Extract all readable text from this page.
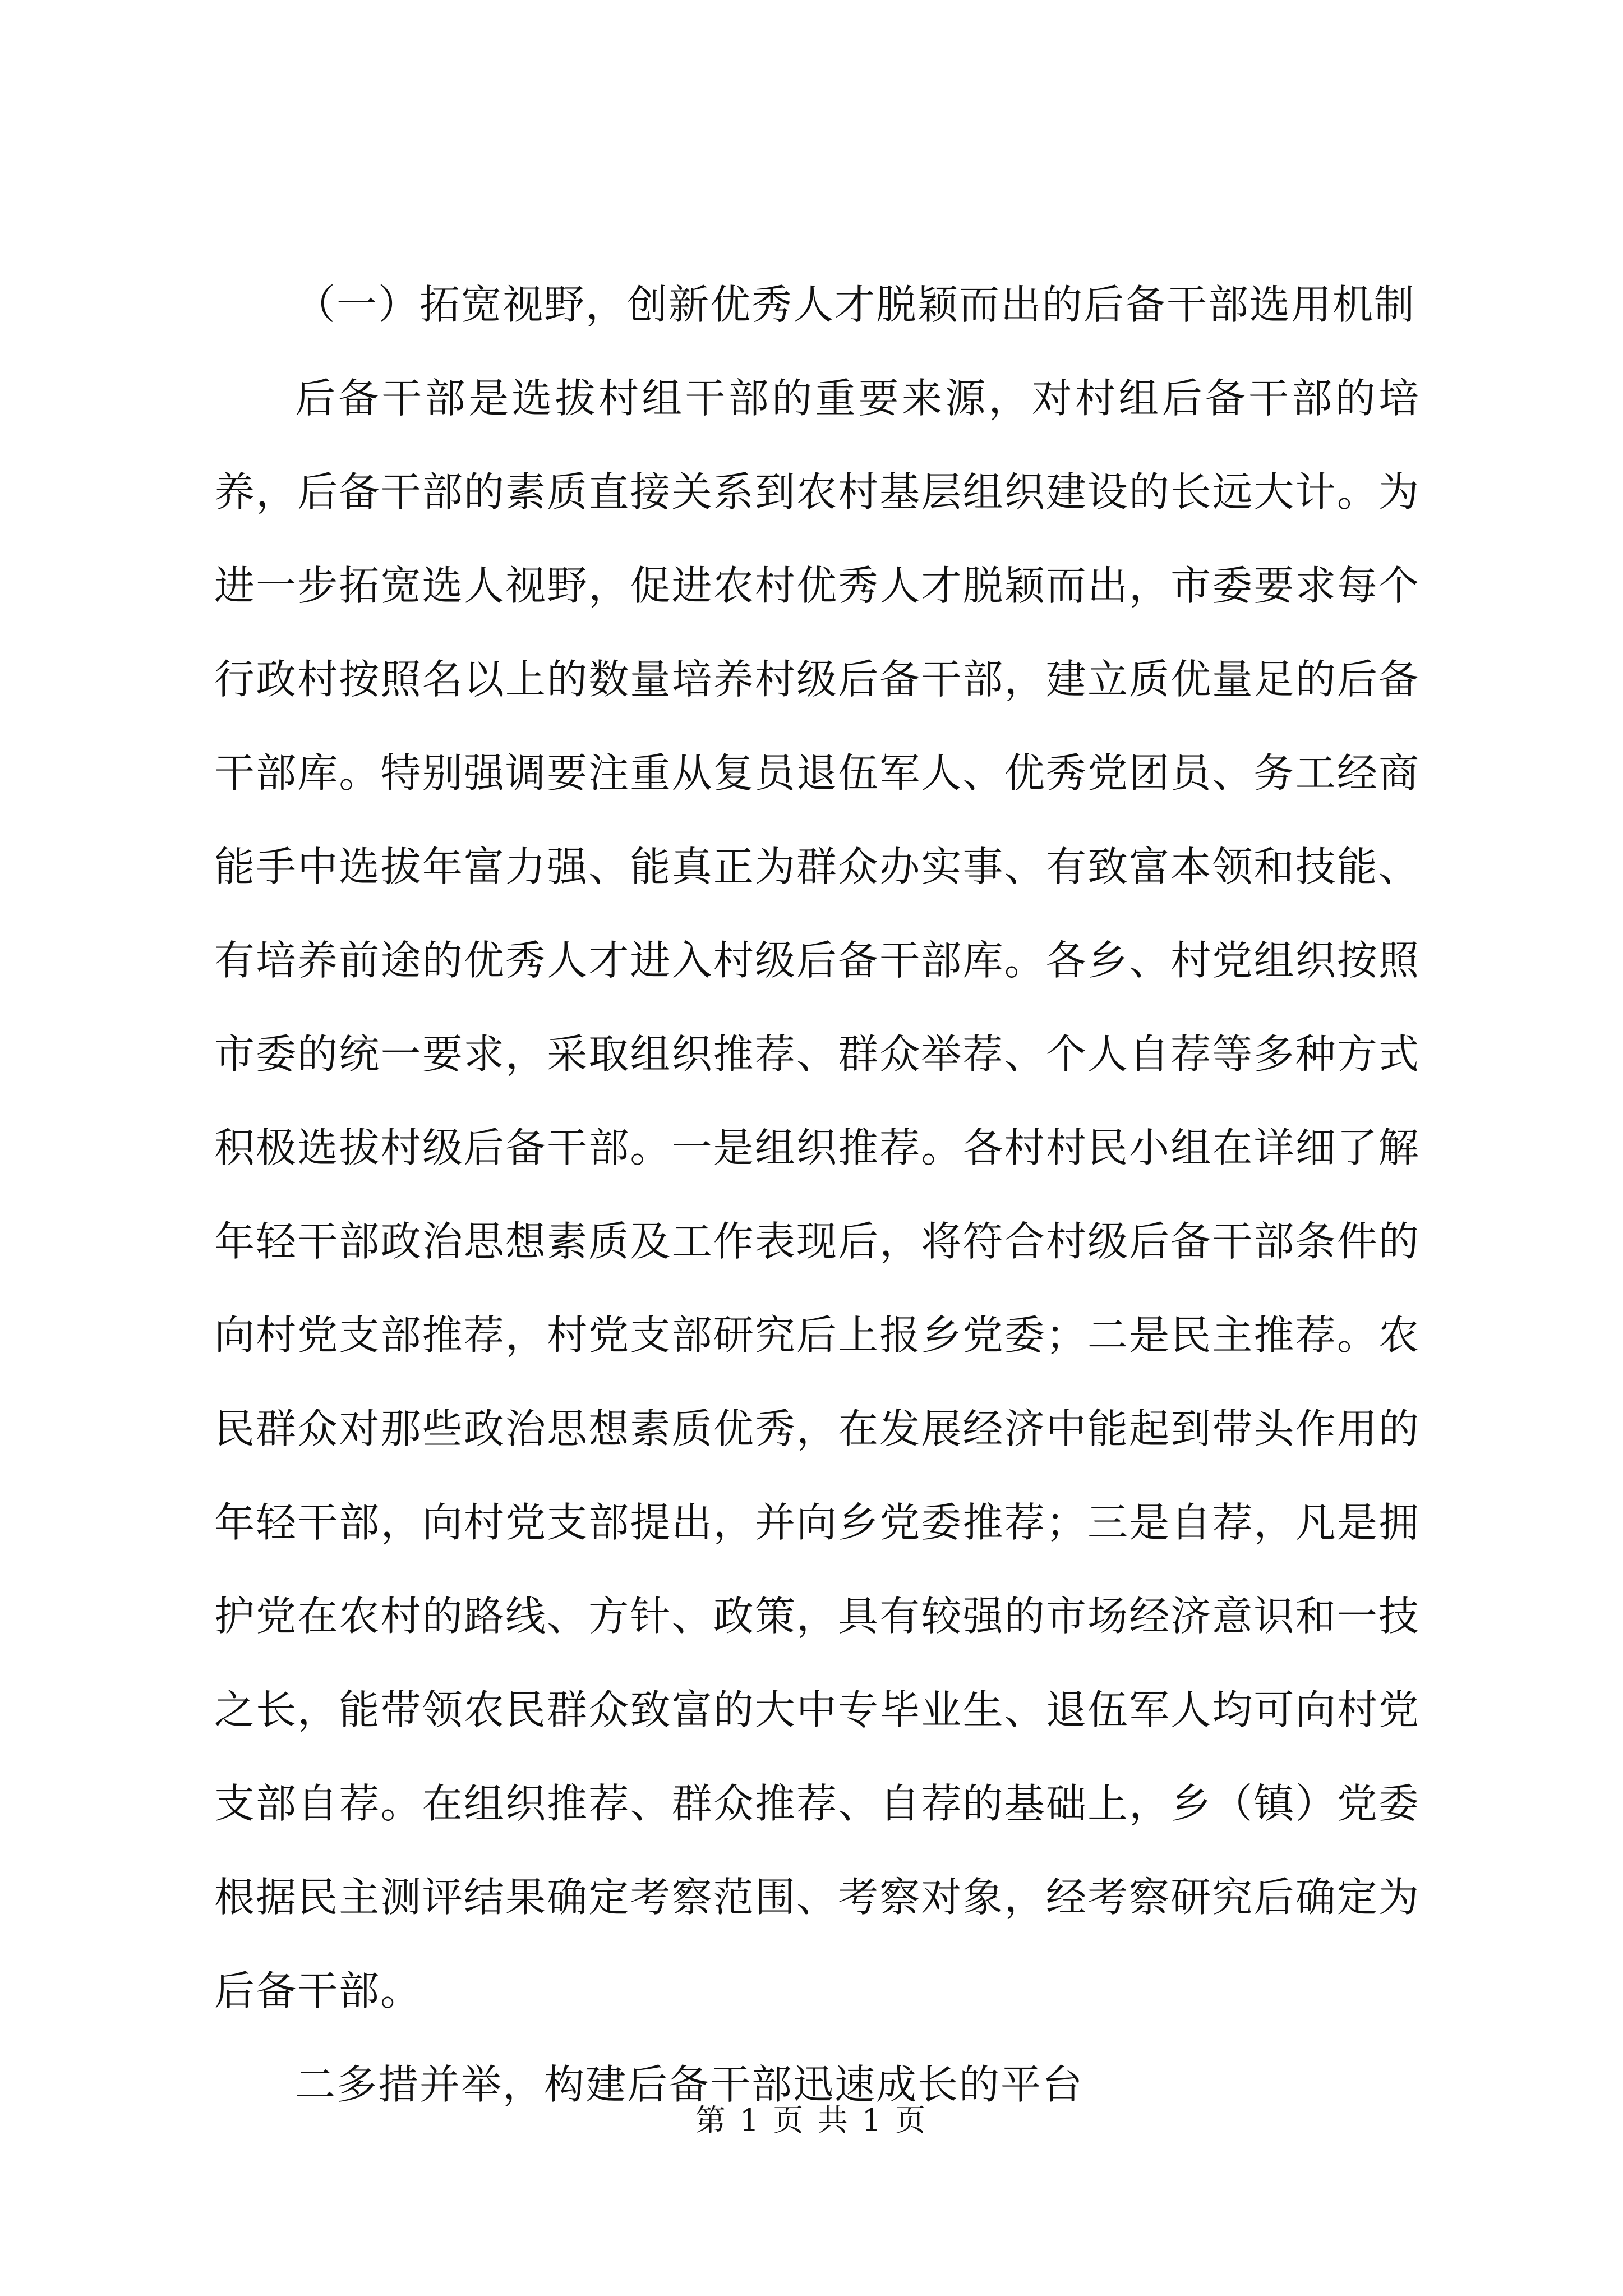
（一）拓宽视野，创新优秀人才脱颖而出的后备干部选用机制

后备干部是选拔村组干部的重要来源，对村组后备干部的培养，后备干部的素质直接关系到农村基层组织建设的长远大计。为进一步拓宽选人视野，促进农村优秀人才脱颖而出，市委要求每个行政村按照名以上的数量培养村级后备干部，建立质优量足的后备干部库。特别强调要注重从复员退伍军人、优秀党团员、务工经商能手中选拔年富力强、能真正为群众办实事、有致富本领和技能、有培养前途的优秀人才进入村级后备干部库。各乡、村党组织按照市委的统一要求，采取组织推荐、群众举荐、个人自荐等多种方式积极选拔村级后备干部。一是组织推荐。各村村民小组在详细了解年轻干部政治思想素质及工作表现后，将符合村级后备干部条件的向村党支部推荐，村党支部研究后上报乡党委；二是民主推荐。农民群众对那些政治思想素质优秀，在发展经济中能起到带头作用的年轻干部，向村党支部提出，并向乡党委推荐；三是自荐，凡是拥护党在农村的路线、方针、政策，具有较强的市场经济意识和一技之长，能带领农民群众致富的大中专毕业生、退伍军人均可向村党支部自荐。在组织推荐、群众推荐、自荐的基础上，乡（镇）党委根据民主测评结果确定考察范围、考察对象，经考察研究后确定为后备干部。

二多措并举，构建后备干部迅速成长的平台

第 1 页 共 1 页
